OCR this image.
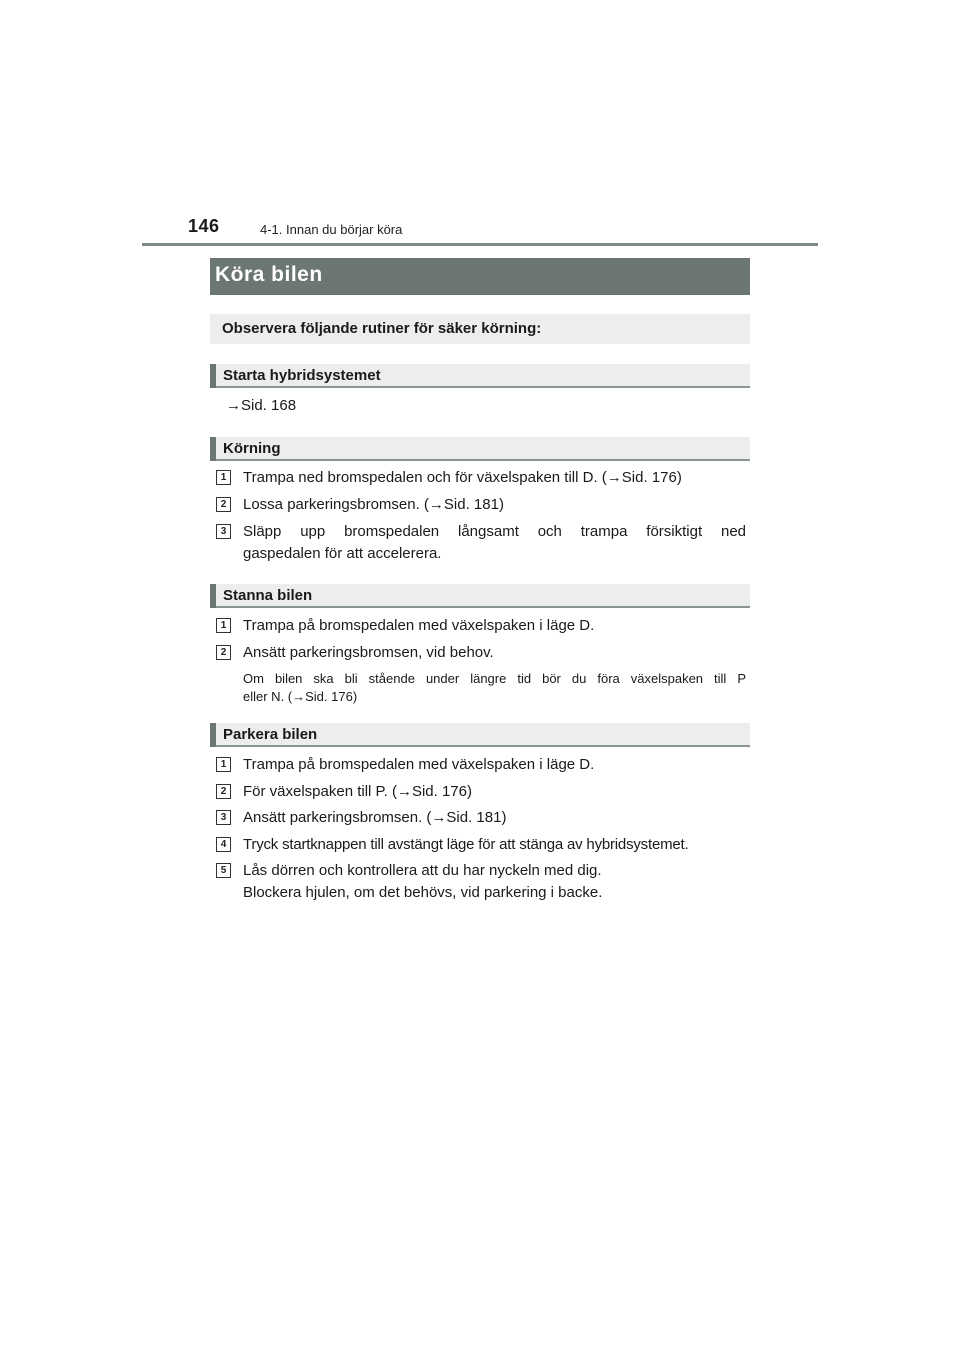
146	4-1. Innan du börjar köra
Köra bilen
Observera följande rutiner för säker körning:
Starta hybridsystemet
→Sid. 168
Körning
1	Trampa ned bromspedalen och för växelspaken till D. (→Sid. 176)
2	Lossa parkeringsbromsen. (→Sid. 181)
3	Släpp upp bromspedalen långsamt och trampa försiktigt ned
gaspedalen för att accelerera.
Stanna bilen
1	Trampa på bromspedalen med växelspaken i läge D.
2	Ansätt parkeringsbromsen, vid behov.
Om bilen ska bli stående under längre tid bör du föra växelspaken till P
eller N. (→Sid. 176)
Parkera bilen
1	Trampa på bromspedalen med växelspaken i läge D.
2	För växelspaken till P. (→Sid. 176)
3	Ansätt parkeringsbromsen. (→Sid. 181)
4	Tryck startknappen till avstängt läge för att stänga av hybridsystemet.
5	Lås dörren och kontrollera att du har nyckeln med dig.
Blockera hjulen, om det behövs, vid parkering i backe.
